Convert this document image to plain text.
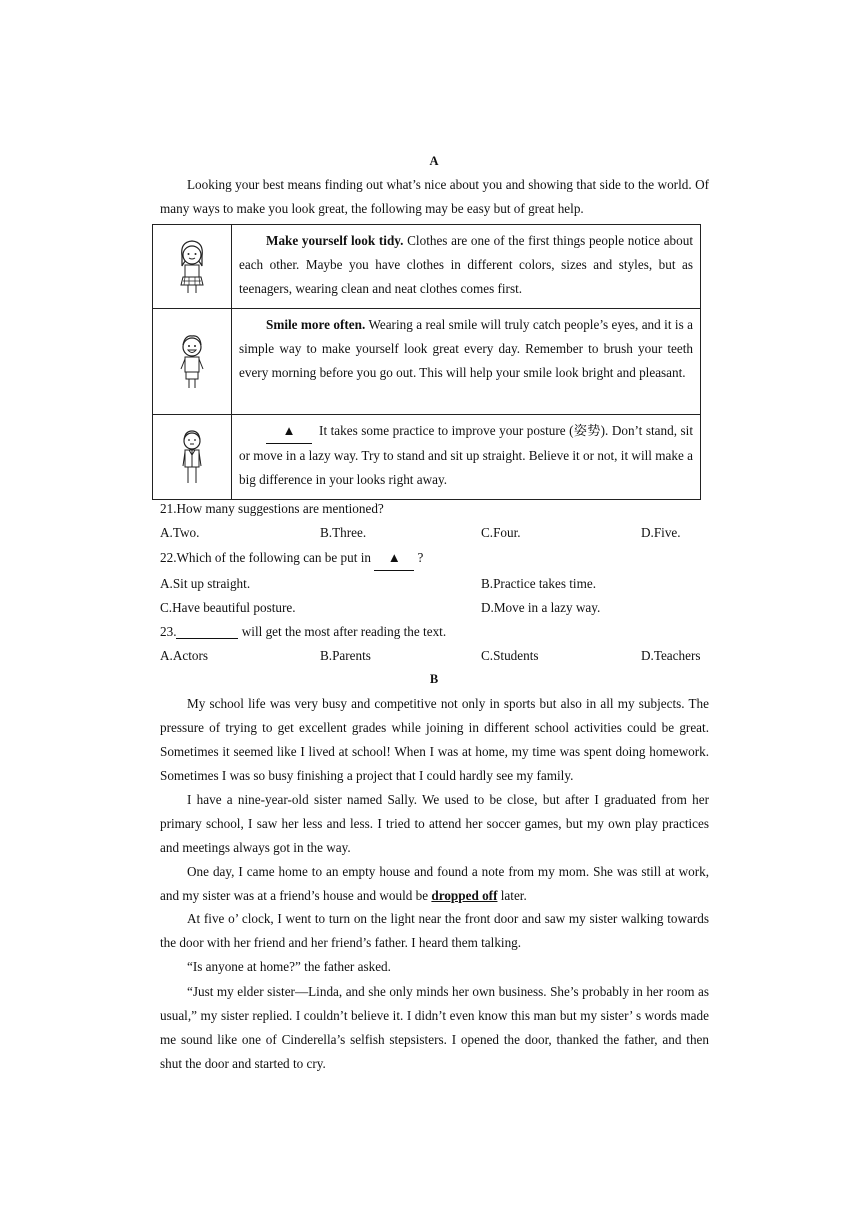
A
Looking your best means finding out what’s nice about you and showing that side to the world. Of many ways to make you look great, the following may be easy but of great help.
	Make yourself look tidy. Clothes are one of the first things people notice about each other. Maybe you have clothes in different colors, sizes and styles, but as teenagers, wearing clean and neat clothes comes first.

	Smile more often. Wearing a real smile will truly catch people’s eyes, and it is a simple way to make yourself look great every day. Remember to brush your teeth every morning before you go out. This will help your smile look bright and pleasant.

	▲  It takes some practice to improve your posture (姿势). Don’t stand, sit or move in a lazy way. Try to stand and sit up straight. Believe it or not, it will make a big difference in your looks right away.
21.How many suggestions are mentioned?
A.Two.	B.Three.	C.Four.	D.Five.
22.Which of the following can be put in ▲ ?
A.Sit up straight.	B.Practice takes time.
C.Have beautiful posture.	D.Move in a lazy way.
23.	will get the most after reading the text.
A.Actors	B.Parents	C.Students	D.Teachers
B
My school life was very busy and competitive not only in sports but also in all my subjects. The pressure of trying to get excellent grades while joining in different school activities could be great. Sometimes it seemed like I lived at school! When I was at home, my time was spent doing homework. Sometimes I was so busy finishing a project that I could hardly see my family.
I have a nine-year-old sister named Sally. We used to be close, but after I graduated from her primary school, I saw her less and less. I tried to attend her soccer games, but my own play practices and meetings always got in the way.
One day, I came home to an empty house and found a note from my mom. She was still at work, and my sister was at a friend’s house and would be dropped off later.
At five o’ clock, I went to turn on the light near the front door and saw my sister walking towards the door with her friend and her friend’s father. I heard them talking.
“Is anyone at home?” the father asked.
“Just my elder sister—Linda, and she only minds her own business. She’s probably in her room as usual,” my sister replied. I couldn’t believe it. I didn’t even know this man but my sister’ s words made me sound like one of Cinderella’s selfish stepsisters. I opened the door, thanked the father, and then shut the door and started to cry.
